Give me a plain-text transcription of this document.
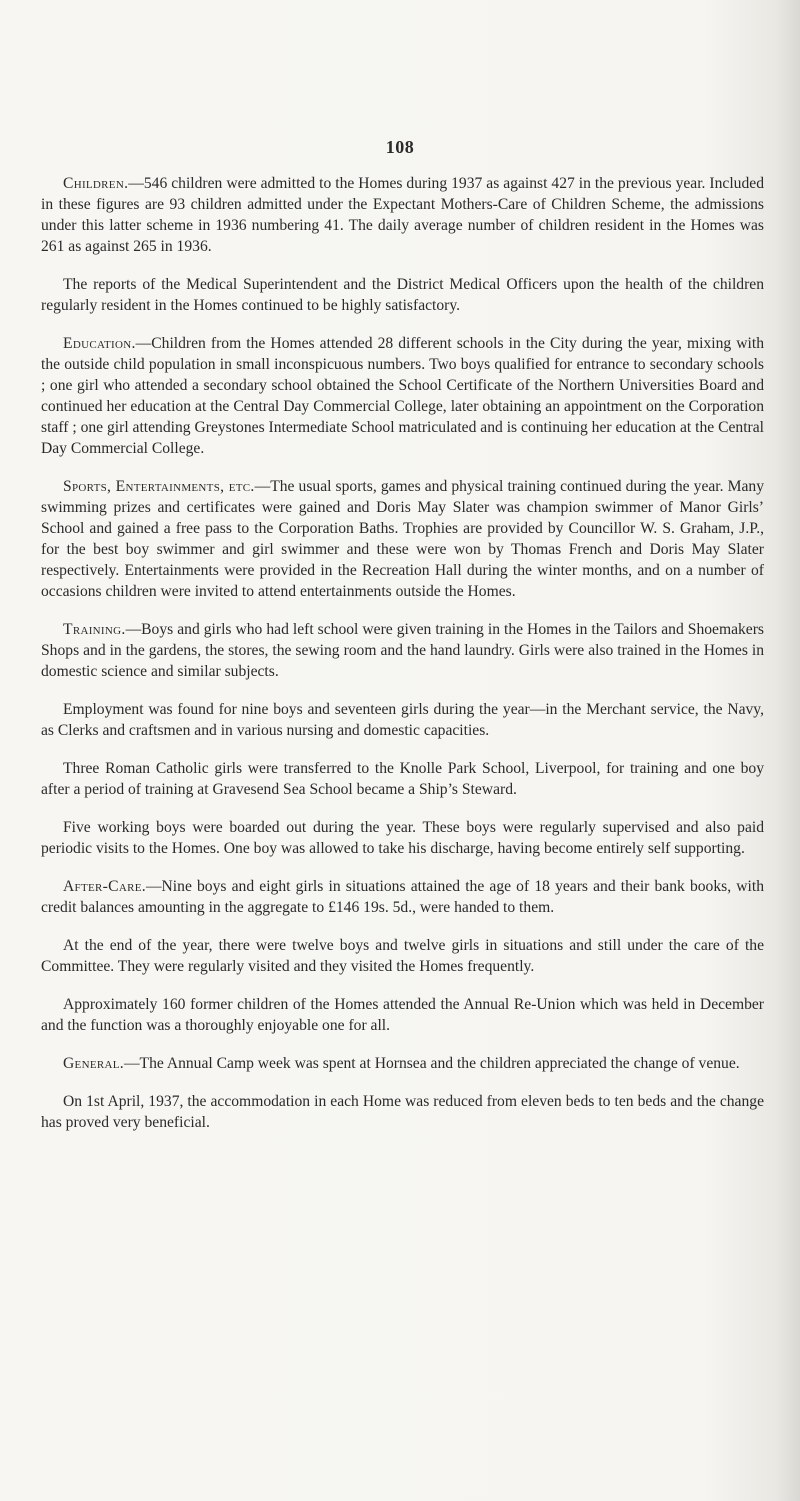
108

Children.—546 children were admitted to the Homes during 1937 as against 427 in the previous year. Included in these figures are 93 children admitted under the Expectant Mothers-Care of Children Scheme, the admissions under this latter scheme in 1936 numbering 41. The daily average number of children resident in the Homes was 261 as against 265 in 1936.

The reports of the Medical Superintendent and the District Medical Officers upon the health of the children regularly resident in the Homes continued to be highly satisfactory.

Education.—Children from the Homes attended 28 different schools in the City during the year, mixing with the outside child population in small inconspicuous numbers. Two boys qualified for entrance to secondary schools ; one girl who attended a secondary school obtained the School Certificate of the Northern Universities Board and continued her education at the Central Day Commercial College, later obtaining an appointment on the Corporation staff ; one girl attending Greystones Intermediate School matriculated and is continuing her education at the Central Day Commercial College.

Sports, Entertainments, etc.—The usual sports, games and physical training continued during the year. Many swimming prizes and certificates were gained and Doris May Slater was champion swimmer of Manor Girls’ School and gained a free pass to the Corporation Baths. Trophies are provided by Councillor W. S. Graham, J.P., for the best boy swimmer and girl swimmer and these were won by Thomas French and Doris May Slater respectively. Entertainments were provided in the Recreation Hall during the winter months, and on a number of occasions children were invited to attend entertainments outside the Homes.

Training.—Boys and girls who had left school were given training in the Homes in the Tailors and Shoemakers Shops and in the gardens, the stores, the sewing room and the hand laundry. Girls were also trained in the Homes in domestic science and similar subjects.

Employment was found for nine boys and seventeen girls during the year—in the Merchant service, the Navy, as Clerks and craftsmen and in various nursing and domestic capacities.

Three Roman Catholic girls were transferred to the Knolle Park School, Liverpool, for training and one boy after a period of training at Gravesend Sea School became a Ship’s Steward.

Five working boys were boarded out during the year. These boys were regularly supervised and also paid periodic visits to the Homes. One boy was allowed to take his discharge, having become entirely self supporting.

After-Care.—Nine boys and eight girls in situations attained the age of 18 years and their bank books, with credit balances amounting in the aggregate to £146 19s. 5d., were handed to them.

At the end of the year, there were twelve boys and twelve girls in situations and still under the care of the Committee. They were regularly visited and they visited the Homes frequently.

Approximately 160 former children of the Homes attended the Annual Re-Union which was held in December and the function was a thoroughly enjoyable one for all.

General.—The Annual Camp week was spent at Hornsea and the children appreciated the change of venue.

On 1st April, 1937, the accommodation in each Home was reduced from eleven beds to ten beds and the change has proved very beneficial.
